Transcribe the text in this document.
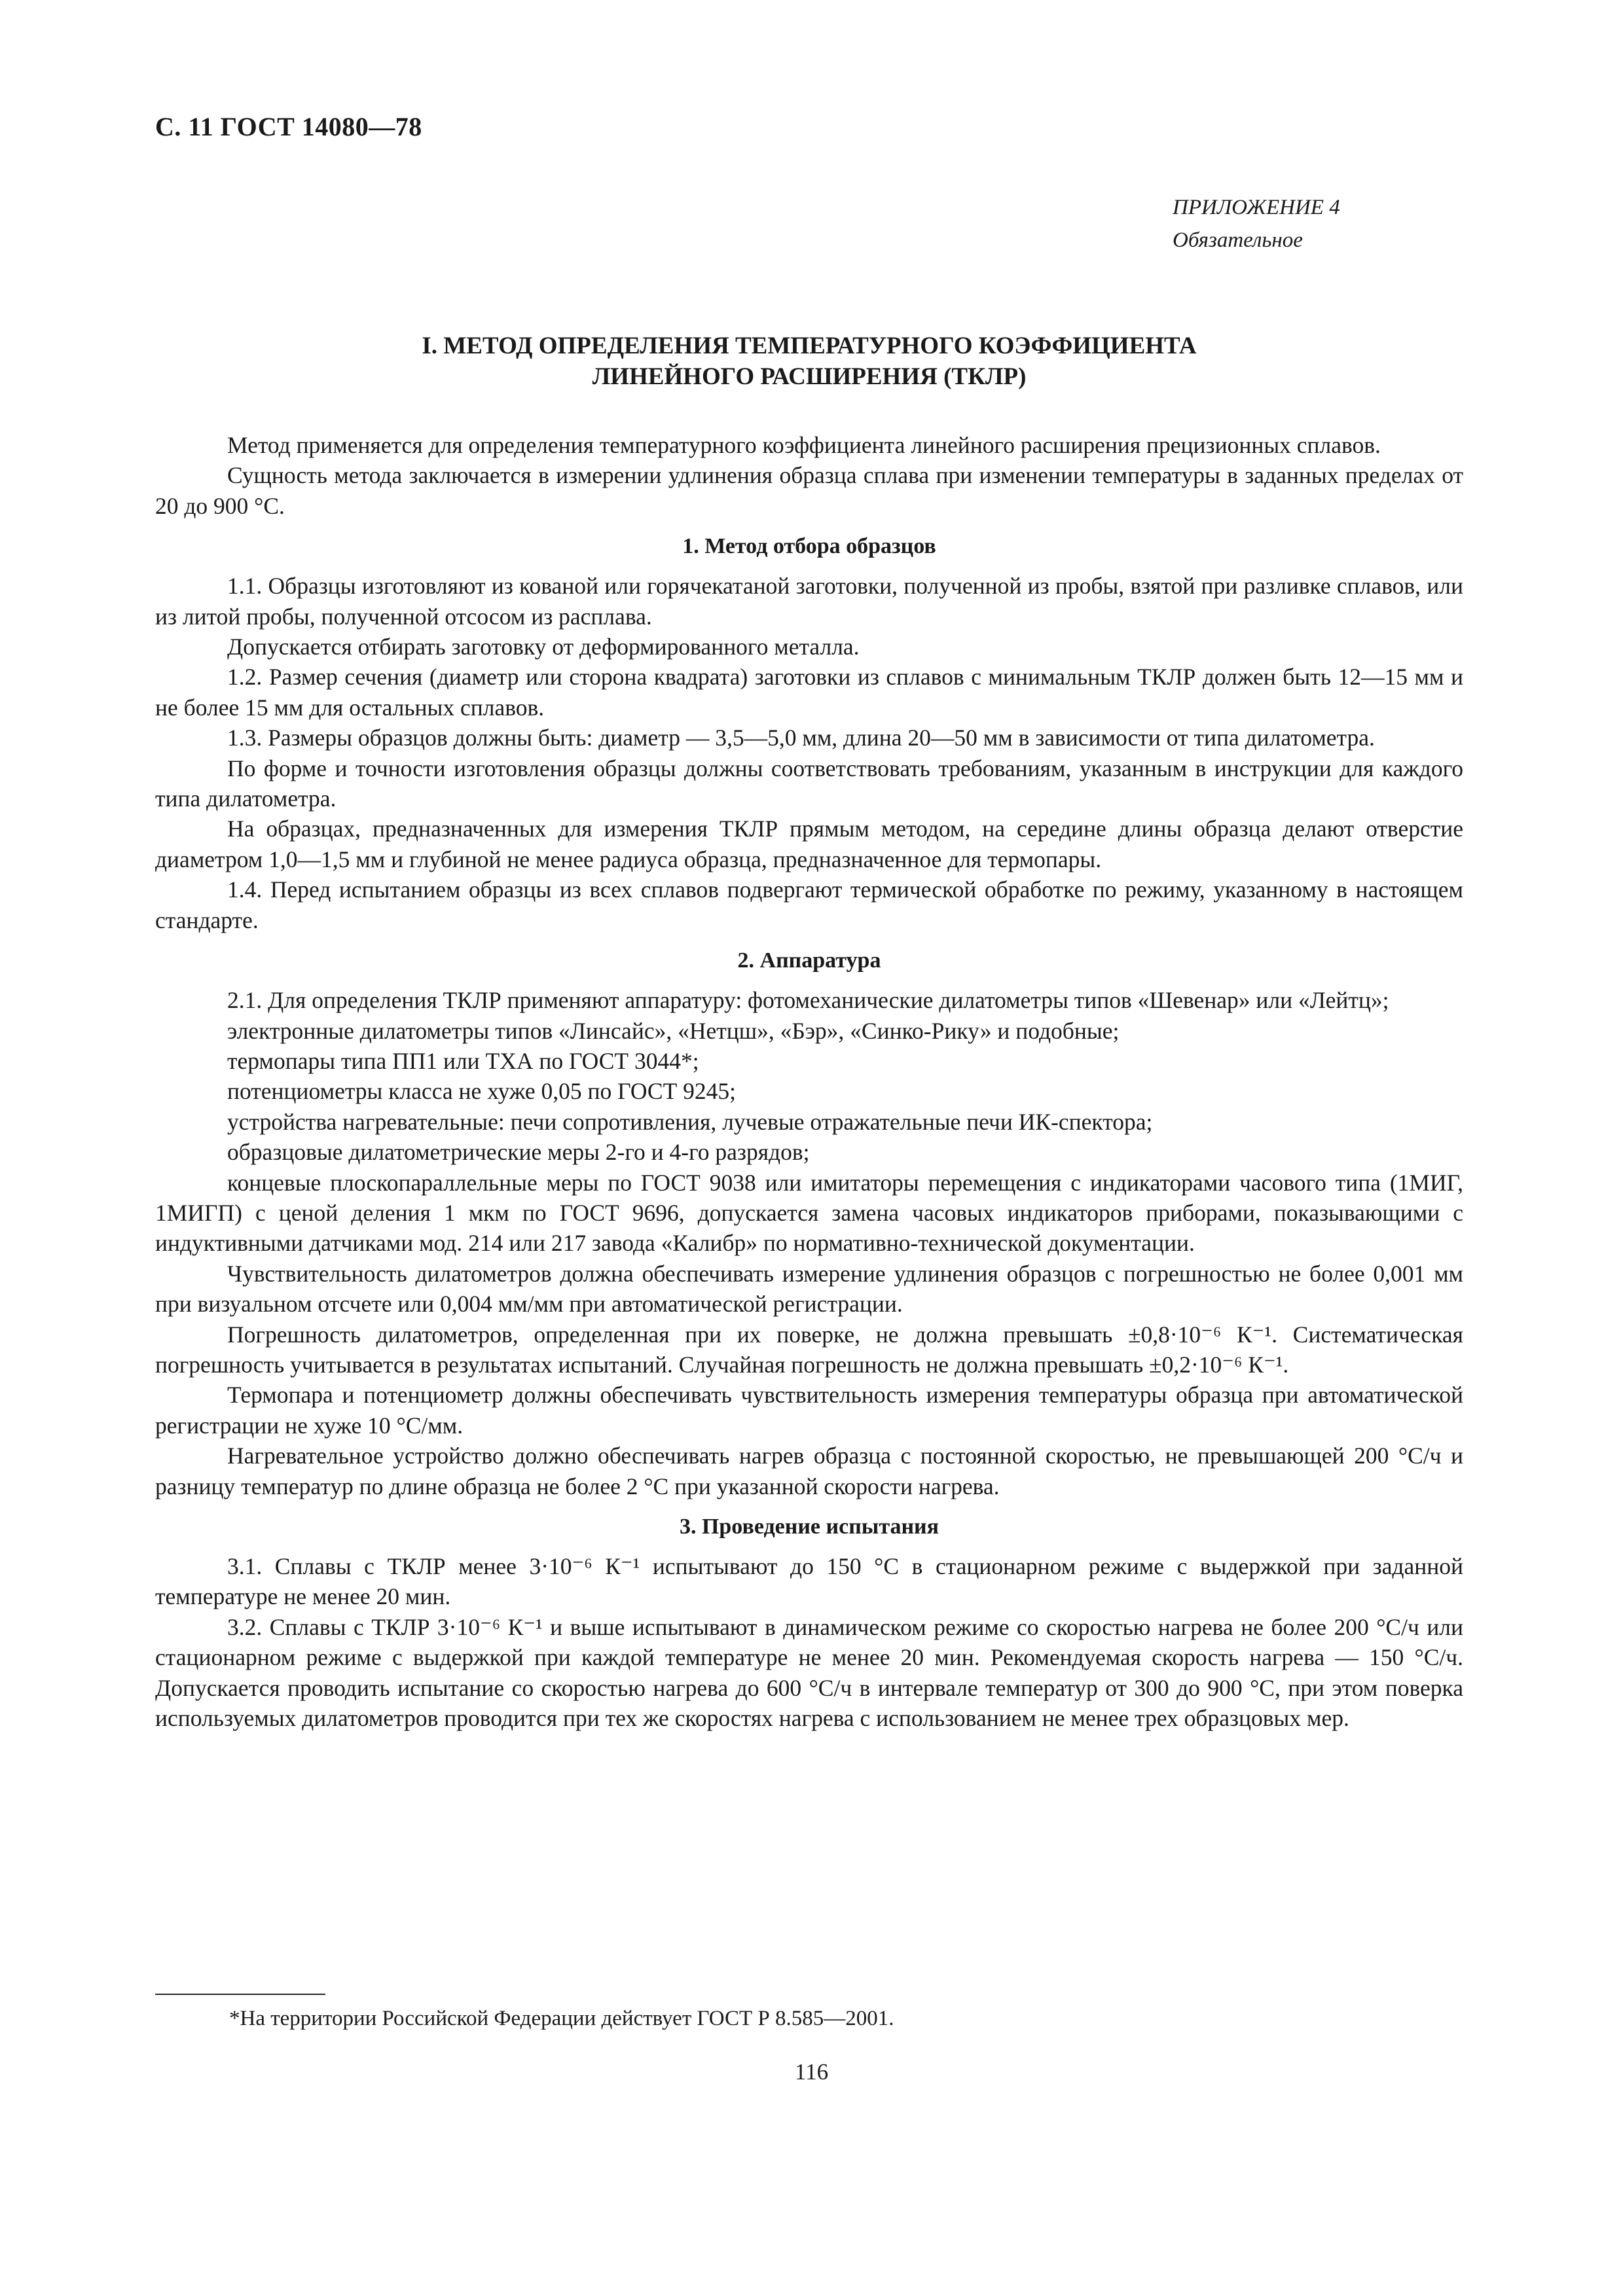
С. 11 ГОСТ 14080—78
ПРИЛОЖЕНИЕ 4
Обязательное
I. МЕТОД ОПРЕДЕЛЕНИЯ ТЕМПЕРАТУРНОГО КОЭФФИЦИЕНТА
ЛИНЕЙНОГО РАСШИРЕНИЯ (ТКЛР)

Метод применяется для определения температурного коэффициента линейного расширения прецизионных сплавов.

Сущность метода заключается в измерении удлинения образца сплава при изменении температуры в заданных пределах от 20 до 900 °С.

1. Метод отбора образцов

1.1. Образцы изготовляют из кованой или горячекатаной заготовки, полученной из пробы, взятой при разливке сплавов, или из литой пробы, полученной отсосом из расплава.

Допускается отбирать заготовку от деформированного металла.

1.2. Размер сечения (диаметр или сторона квадрата) заготовки из сплавов с минимальным ТКЛР должен быть 12—15 мм и не более 15 мм для остальных сплавов.

1.3. Размеры образцов должны быть: диаметр — 3,5—5,0 мм, длина 20—50 мм в зависимости от типа дилатометра.

По форме и точности изготовления образцы должны соответствовать требованиям, указанным в инструкции для каждого типа дилатометра.

На образцах, предназначенных для измерения ТКЛР прямым методом, на середине длины образца делают отверстие диаметром 1,0—1,5 мм и глубиной не менее радиуса образца, предназначенное для термопары.

1.4. Перед испытанием образцы из всех сплавов подвергают термической обработке по режиму, указанному в настоящем стандарте.

2. Аппаратура

2.1. Для определения ТКЛР применяют аппаратуру: фотомеханические дилатометры типов «Шевенар» или «Лейтц»;

электронные дилатометры типов «Линсайс», «Нетцш», «Бэр», «Синко-Рику» и подобные;

термопары типа ПП1 или ТХА по ГОСТ 3044*;

потенциометры класса не хуже 0,05 по ГОСТ 9245;

устройства нагревательные: печи сопротивления, лучевые отражательные печи ИК-спектора;

образцовые дилатометрические меры 2-го и 4-го разрядов;

концевые плоскопараллельные меры по ГОСТ 9038 или имитаторы перемещения с индикаторами часового типа (1МИГ, 1МИГП) с ценой деления 1 мкм по ГОСТ 9696, допускается замена часовых индикаторов приборами, показывающими с индуктивными датчиками мод. 214 или 217 завода «Калибр» по нормативно-технической документации.

Чувствительность дилатометров должна обеспечивать измерение удлинения образцов с погрешностью не более 0,001 мм при визуальном отсчете или 0,004 мм/мм при автоматической регистрации.

Погрешность дилатометров, определенная при их поверке, не должна превышать ±0,8·10⁻⁶ К⁻¹. Систематическая погрешность учитывается в результатах испытаний. Случайная погрешность не должна превышать ±0,2·10⁻⁶ К⁻¹.

Термопара и потенциометр должны обеспечивать чувствительность измерения температуры образца при автоматической регистрации не хуже 10 °С/мм.

Нагревательное устройство должно обеспечивать нагрев образца с постоянной скоростью, не превышающей 200 °С/ч и разницу температур по длине образца не более 2 °С при указанной скорости нагрева.

3. Проведение испытания

3.1. Сплавы с ТКЛР менее 3·10⁻⁶ К⁻¹ испытывают до 150 °С в стационарном режиме с выдержкой при заданной температуре не менее 20 мин.

3.2. Сплавы с ТКЛР 3·10⁻⁶ К⁻¹ и выше испытывают в динамическом режиме со скоростью нагрева не более 200 °С/ч или стационарном режиме с выдержкой при каждой температуре не менее 20 мин. Рекомендуемая скорость нагрева — 150 °С/ч. Допускается проводить испытание со скоростью нагрева до 600 °С/ч в интервале температур от 300 до 900 °С, при этом поверка используемых дилатометров проводится при тех же скоростях нагрева с использованием не менее трех образцовых мер.

*На территории Российской Федерации действует ГОСТ Р 8.585—2001.
116
